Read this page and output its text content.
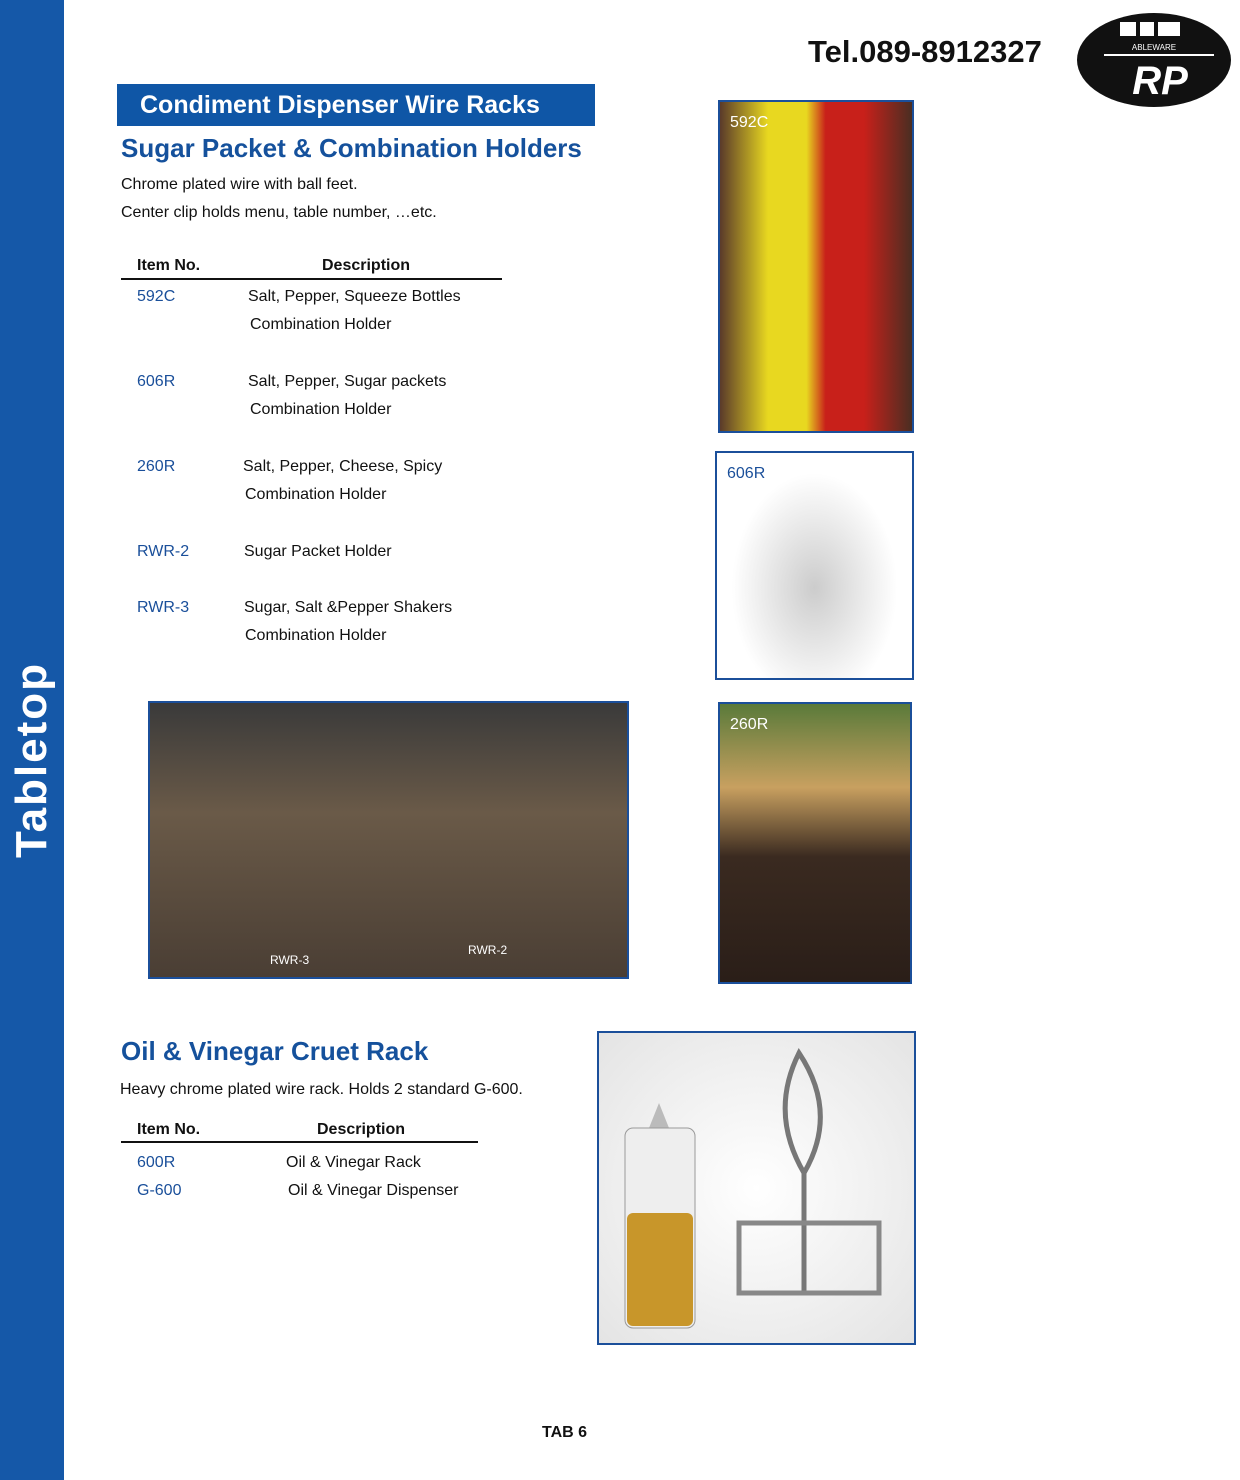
Tabletop
Tel.089-8912327	ABLEWARE
RP
Condiment Dispenser Wire Racks
Sugar Packet & Combination Holders
Chrome plated wire with ball feet.
Center clip holds menu, table number, …etc.
Item No.	Description
592C	Salt, Pepper, Squeeze Bottles
Combination Holder
606R	Salt, Pepper, Sugar packets
Combination Holder
260R	Salt, Pepper, Cheese, Spicy
Combination Holder
RWR-2	Sugar Packet Holder
RWR-3	Sugar, Salt &Pepper Shakers
Combination Holder
592C
606R
260R
RWR-3
RWR-2
Oil & Vinegar Cruet Rack
Heavy chrome plated wire rack. Holds 2 standard G-600.
Item No.	Description
600R	Oil & Vinegar Rack
G-600	Oil & Vinegar Dispenser
TAB 6
